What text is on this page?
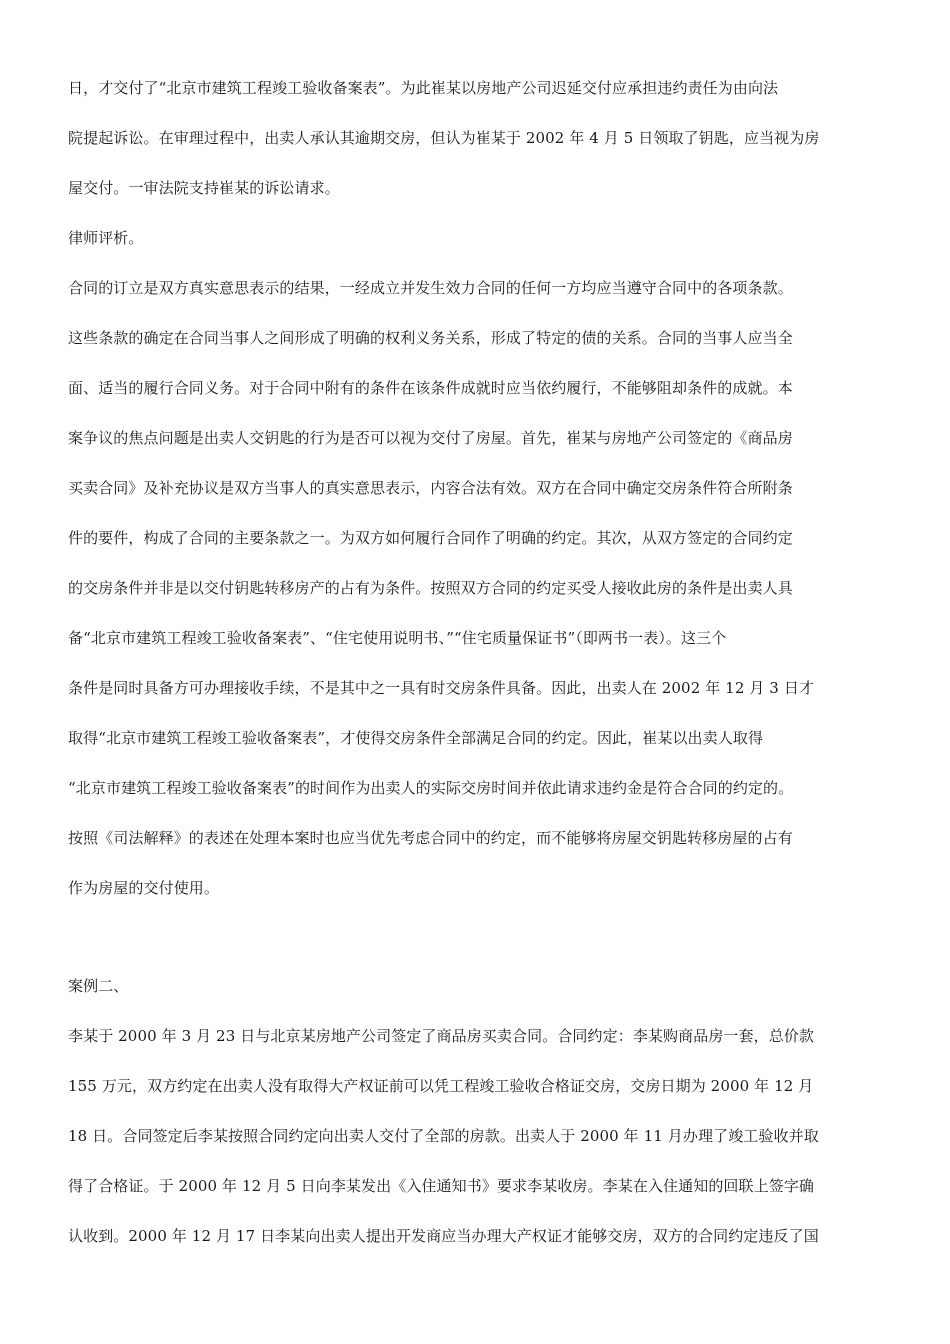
日，才交付了“北京市建筑工程竣工验收备案表”。为此崔某以房地产公司迟延交付应承担违约责任为由向法
院提起诉讼。在审理过程中，出卖人承认其逾期交房，但认为崔某于 2002 年 4 月 5 日领取了钥匙，应当视为房
屋交付。一审法院支持崔某的诉讼请求。
律师评析。
合同的订立是双方真实意思表示的结果，一经成立并发生效力合同的任何一方均应当遵守合同中的各项条款。
这些条款的确定在合同当事人之间形成了明确的权利义务关系，形成了特定的债的关系。合同的当事人应当全
面、适当的履行合同义务。对于合同中附有的条件在该条件成就时应当依约履行，不能够阻却条件的成就。本
案争议的焦点问题是出卖人交钥匙的行为是否可以视为交付了房屋。首先，崔某与房地产公司签定的《商品房
买卖合同》及补充协议是双方当事人的真实意思表示，内容合法有效。双方在合同中确定交房条件符合所附条
件的要件，构成了合同的主要条款之一。为双方如何履行合同作了明确的约定。其次，从双方签定的合同约定
的交房条件并非是以交付钥匙转移房产的占有为条件。按照双方合同的约定买受人接收此房的条件是出卖人具
备“北京市建筑工程竣工验收备案表”、“住宅使用说明书、”“住宅质量保证书”（即两书一表）。这三个
条件是同时具备方可办理接收手续，不是其中之一具有时交房条件具备。因此，出卖人在 2002 年 12 月 3 日才
取得“北京市建筑工程竣工验收备案表”，才使得交房条件全部满足合同的约定。因此，崔某以出卖人取得
“北京市建筑工程竣工验收备案表”的时间作为出卖人的实际交房时间并依此请求违约金是符合合同的约定的。
按照《司法解释》的表述在处理本案时也应当优先考虑合同中的约定，而不能够将房屋交钥匙转移房屋的占有
作为房屋的交付使用。
案例二、
李某于 2000 年 3 月 23 日与北京某房地产公司签定了商品房买卖合同。合同约定：李某购商品房一套，总价款
155 万元，双方约定在出卖人没有取得大产权证前可以凭工程竣工验收合格证交房，交房日期为 2000 年 12 月
18 日。合同签定后李某按照合同约定向出卖人交付了全部的房款。出卖人于 2000 年 11 月办理了竣工验收并取
得了合格证。于 2000 年 12 月 5 日向李某发出《入住通知书》要求李某收房。李某在入住通知的回联上签字确
认收到。2000 年 12 月 17 日李某向出卖人提出开发商应当办理大产权证才能够交房，双方的合同约定违反了国
